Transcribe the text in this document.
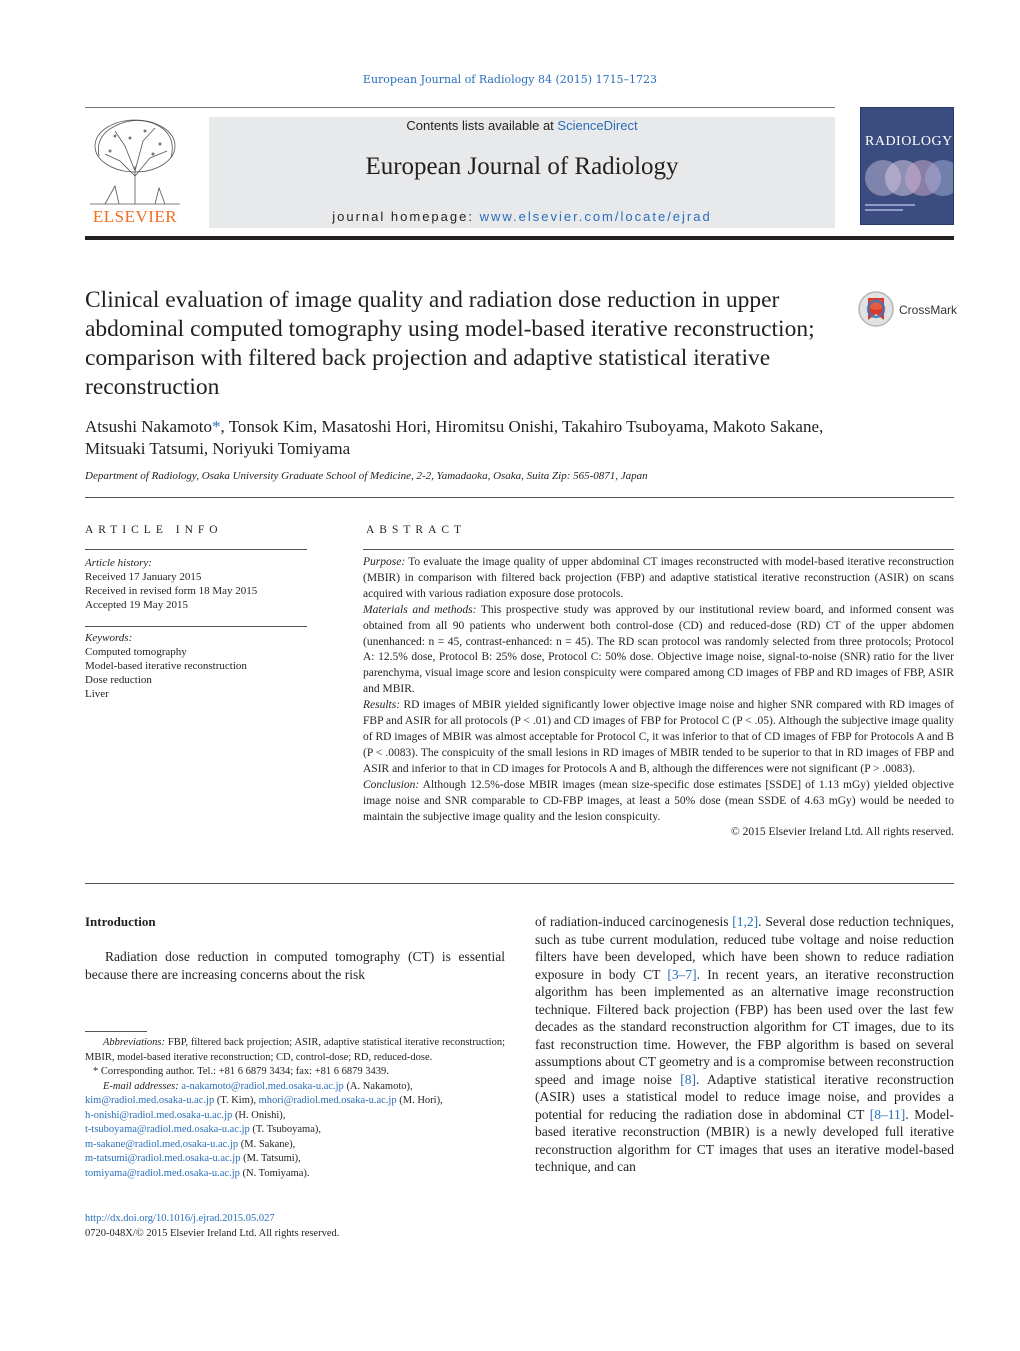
European Journal of Radiology 84 (2015) 1715–1723
ELSEVIER
Contents lists available at ScienceDirect
European Journal of Radiology
journal homepage: www.elsevier.com/locate/ejrad
RADIOLOGY
Clinical evaluation of image quality and radiation dose reduction in upper abdominal computed tomography using model-based iterative reconstruction; comparison with filtered back projection and adaptive statistical iterative reconstruction
CrossMark
Atsushi Nakamoto*, Tonsok Kim, Masatoshi Hori, Hiromitsu Onishi, Takahiro Tsuboyama, Makoto Sakane, Mitsuaki Tatsumi, Noriyuki Tomiyama
Department of Radiology, Osaka University Graduate School of Medicine, 2-2, Yamadaoka, Osaka, Suita Zip: 565-0871, Japan
ARTICLE INFO
Article history:
Received 17 January 2015
Received in revised form 18 May 2015
Accepted 19 May 2015
Keywords:
Computed tomography
Model-based iterative reconstruction
Dose reduction
Liver
ABSTRACT

Purpose: To evaluate the image quality of upper abdominal CT images reconstructed with model-based iterative reconstruction (MBIR) in comparison with filtered back projection (FBP) and adaptive statistical iterative reconstruction (ASIR) on scans acquired with various radiation exposure dose protocols.

Materials and methods: This prospective study was approved by our institutional review board, and informed consent was obtained from all 90 patients who underwent both control-dose (CD) and reduced-dose (RD) CT of the upper abdomen (unenhanced: n = 45, contrast-enhanced: n = 45). The RD scan protocol was randomly selected from three protocols; Protocol A: 12.5% dose, Protocol B: 25% dose, Protocol C: 50% dose. Objective image noise, signal-to-noise (SNR) ratio for the liver parenchyma, visual image score and lesion conspicuity were compared among CD images of FBP and RD images of FBP, ASIR and MBIR.

Results: RD images of MBIR yielded significantly lower objective image noise and higher SNR compared with RD images of FBP and ASIR for all protocols (P < .01) and CD images of FBP for Protocol C (P < .05). Although the subjective image quality of RD images of MBIR was almost acceptable for Protocol C, it was inferior to that of CD images of FBP for Protocols A and B (P < .0083). The conspicuity of the small lesions in RD images of MBIR tended to be superior to that in RD images of FBP and ASIR and inferior to that in CD images for Protocols A and B, although the differences were not significant (P > .0083).

Conclusion: Although 12.5%-dose MBIR images (mean size-specific dose estimates [SSDE] of 1.13 mGy) yielded objective image noise and SNR comparable to CD-FBP images, at least a 50% dose (mean SSDE of 4.63 mGy) would be needed to maintain the subjective image quality and the lesion conspicuity.

© 2015 Elsevier Ireland Ltd. All rights reserved.

Introduction

Radiation dose reduction in computed tomography (CT) is essential because there are increasing concerns about the risk

of radiation-induced carcinogenesis [1,2]. Several dose reduction techniques, such as tube current modulation, reduced tube voltage and noise reduction filters have been developed, which have been shown to reduce radiation exposure in body CT [3–7]. In recent years, an iterative reconstruction algorithm has been implemented as an alternative image reconstruction technique. Filtered back projection (FBP) has been used over the last few decades as the standard reconstruction algorithm for CT images, due to its fast reconstruction time. However, the FBP algorithm is based on several assumptions about CT geometry and is a compromise between reconstruction speed and image noise [8]. Adaptive statistical iterative reconstruction (ASIR) uses a statistical model to reduce image noise, and provides a potential for reducing the radiation dose in abdominal CT [8–11]. Model-based iterative reconstruction (MBIR) is a newly developed full iterative reconstruction algorithm for CT images that uses an iterative model-based technique, and can
Abbreviations: FBP, filtered back projection; ASIR, adaptive statistical iterative reconstruction; MBIR, model-based iterative reconstruction; CD, control-dose; RD, reduced-dose.
* Corresponding author. Tel.: +81 6 6879 3434; fax: +81 6 6879 3439.
E-mail addresses: a-nakamoto@radiol.med.osaka-u.ac.jp (A. Nakamoto),
kim@radiol.med.osaka-u.ac.jp (T. Kim), mhori@radiol.med.osaka-u.ac.jp (M. Hori),
h-onishi@radiol.med.osaka-u.ac.jp (H. Onishi),
t-tsuboyama@radiol.med.osaka-u.ac.jp (T. Tsuboyama),
m-sakane@radiol.med.osaka-u.ac.jp (M. Sakane),
m-tatsumi@radiol.med.osaka-u.ac.jp (M. Tatsumi),
tomiyama@radiol.med.osaka-u.ac.jp (N. Tomiyama).
http://dx.doi.org/10.1016/j.ejrad.2015.05.027
0720-048X/© 2015 Elsevier Ireland Ltd. All rights reserved.
